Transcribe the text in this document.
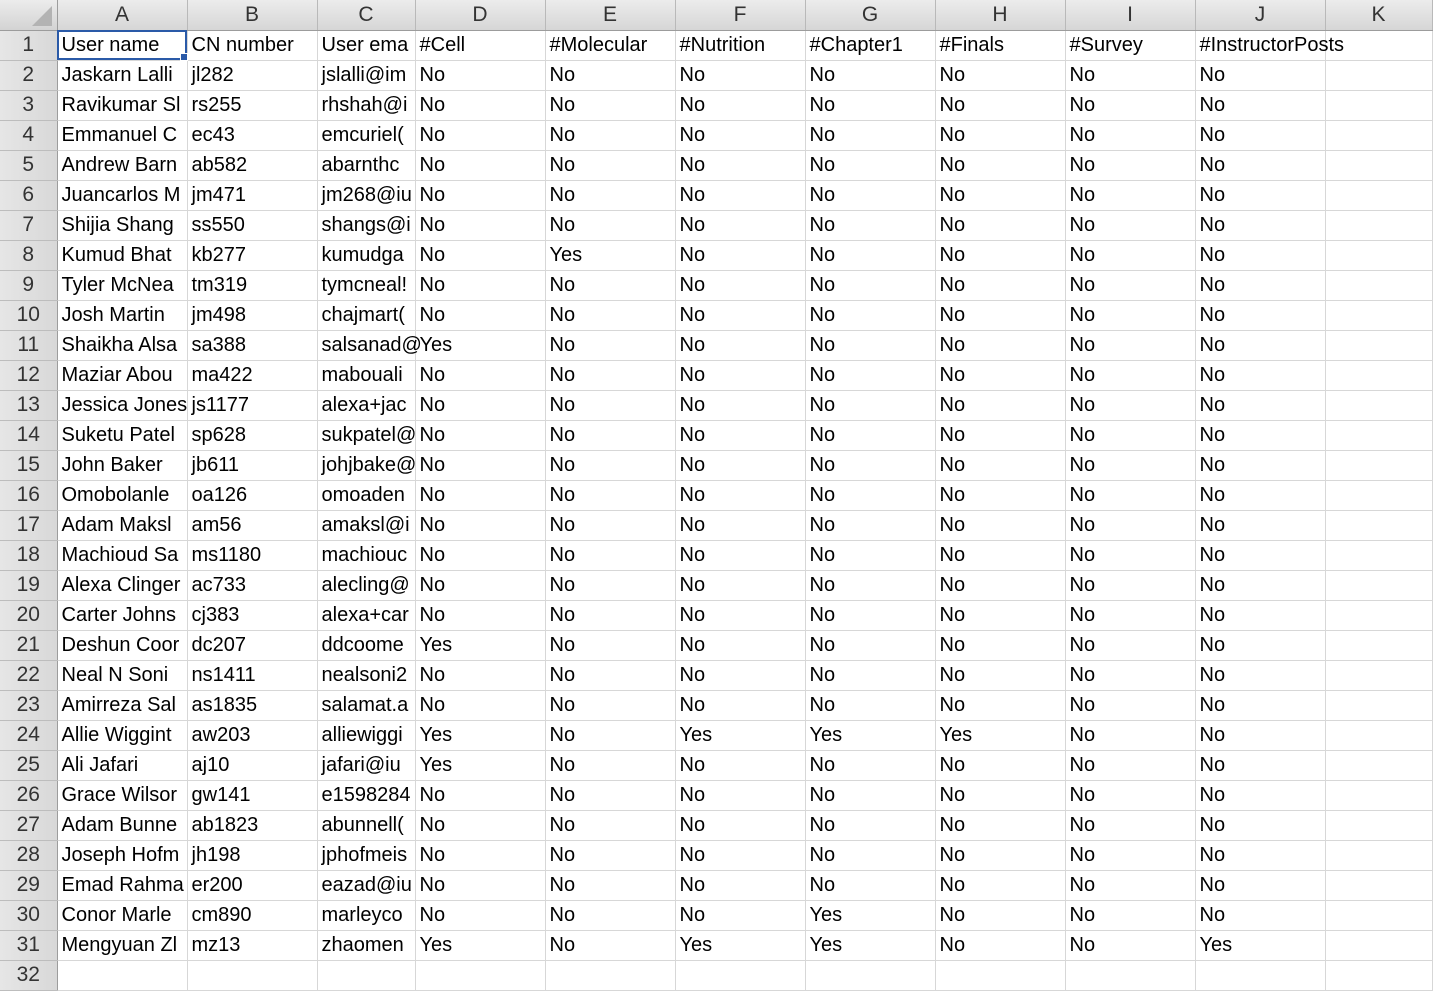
	A	B	C	D	E	F	G	H	I	J	K
1	User name	CN number	User ema	#Cell	#Molecular	#Nutrition	#Chapter1	#Finals	#Survey	#InstructorPosts	
2	Jaskarn Lalli	jl282	jslalli@im	No	No	No	No	No	No	No	
3	Ravikumar Sl	rs255	rhshah@i	No	No	No	No	No	No	No	
4	Emmanuel C	ec43	emcuriel(	No	No	No	No	No	No	No	
5	Andrew Barn	ab582	abarnthc	No	No	No	No	No	No	No	
6	Juancarlos M	jm471	jm268@iu	No	No	No	No	No	No	No	
7	Shijia Shang	ss550	shangs@i	No	No	No	No	No	No	No	
8	Kumud Bhat	kb277	kumudga	No	Yes	No	No	No	No	No	
9	Tyler McNea	tm319	tymcneal!	No	No	No	No	No	No	No	
10	Josh Martin	jm498	chajmart(	No	No	No	No	No	No	No	
11	Shaikha Alsa	sa388	salsanad@	Yes	No	No	No	No	No	No	
12	Maziar Abou	ma422	mabouali	No	No	No	No	No	No	No	
13	Jessica Jones	js1177	alexa+jac	No	No	No	No	No	No	No	
14	Suketu Patel	sp628	sukpatel@	No	No	No	No	No	No	No	
15	John Baker	jb611	johjbake@	No	No	No	No	No	No	No	
16	Omobolanle	oa126	omoaden	No	No	No	No	No	No	No	
17	Adam Maksl	am56	amaksl@i	No	No	No	No	No	No	No	
18	Machioud Sa	ms1180	machiouc	No	No	No	No	No	No	No	
19	Alexa Clinger	ac733	alecling@	No	No	No	No	No	No	No	
20	Carter Johns	cj383	alexa+car	No	No	No	No	No	No	No	
21	Deshun Coor	dc207	ddcoome	Yes	No	No	No	No	No	No	
22	Neal N Soni	ns1411	nealsoni2	No	No	No	No	No	No	No	
23	Amirreza Sal	as1835	salamat.a	No	No	No	No	No	No	No	
24	Allie Wiggint	aw203	alliewiggi	Yes	No	Yes	Yes	Yes	No	No	
25	Ali Jafari	aj10	jafari@iu	Yes	No	No	No	No	No	No	
26	Grace Wilsor	gw141	e1598284	No	No	No	No	No	No	No	
27	Adam Bunne	ab1823	abunnell(	No	No	No	No	No	No	No	
28	Joseph Hofm	jh198	jphofmeis	No	No	No	No	No	No	No	
29	Emad Rahma	er200	eazad@iu	No	No	No	No	No	No	No	
30	Conor Marle	cm890	marleyco	No	No	No	Yes	No	No	No	
31	Mengyuan Zl	mz13	zhaomen	Yes	No	Yes	Yes	No	No	Yes	
32											
